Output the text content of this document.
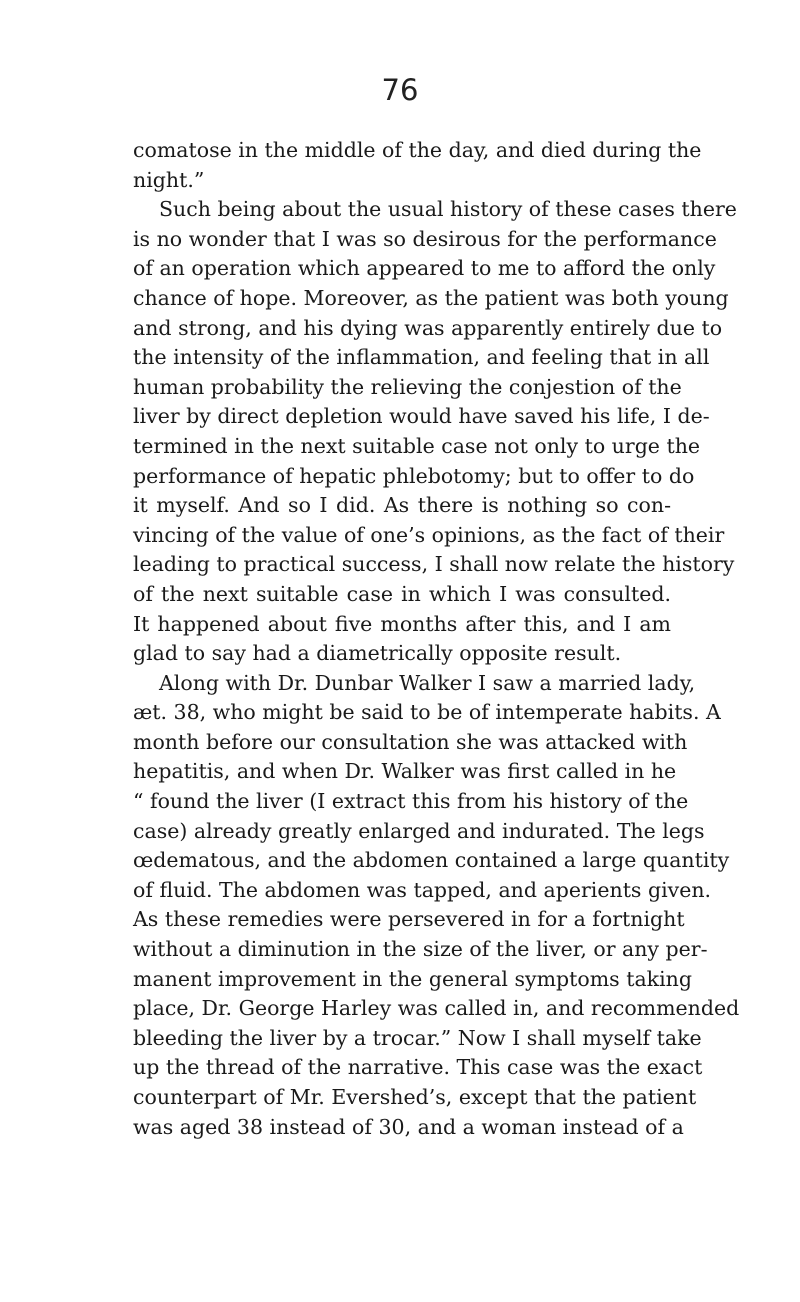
76
comatose in the middle of the day, and died during the
night.”
Such being about the usual history of these cases there
is no wonder that I was so desirous for the performance
of an operation which appeared to me to afford the only
chance of hope. Moreover, as the patient was both young
and strong, and his dying was apparently entirely due to
the intensity of the inflammation, and feeling that in all
human probability the relieving the conjestion of the
liver by direct depletion would have saved his life, I de-
termined in the next suitable case not only to urge the
performance of hepatic phlebotomy; but to offer to do
it myself. And so I did. As there is nothing so con-
vincing of the value of one’s opinions, as the fact of their
leading to practical success, I shall now relate the history
of the next suitable case in which I was consulted.
It happened about five months after this, and I am
glad to say had a diametrically opposite result.
Along with Dr. Dunbar Walker I saw a married lady,
æt. 38, who might be said to be of intemperate habits. A
month before our consultation she was attacked with
hepatitis, and when Dr. Walker was first called in he
“ found the liver (I extract this from his history of the
case) already greatly enlarged and indurated. The legs
œdematous, and the abdomen contained a large quantity
of fluid. The abdomen was tapped, and aperients given.
As these remedies were persevered in for a fortnight
without a diminution in the size of the liver, or any per-
manent improvement in the general symptoms taking
place, Dr. George Harley was called in, and recommended
bleeding the liver by a trocar.” Now I shall myself take
up the thread of the narrative. This case was the exact
counterpart of Mr. Evershed’s, except that the patient
was aged 38 instead of 30, and a woman instead of a
